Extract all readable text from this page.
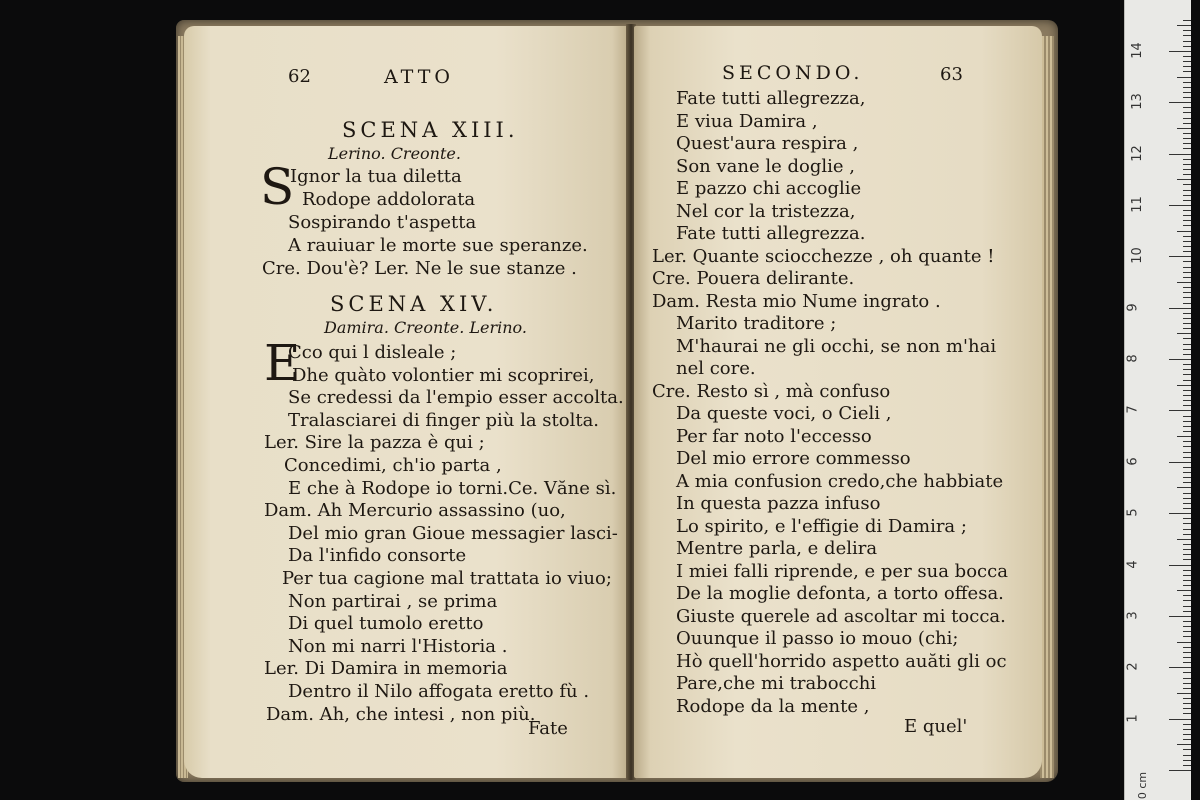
62	ATTO
SCENA XIII.
Lerino. Creonte.
S
Ignor la tua diletta
Rodope addolorata
Sospirando t'aspetta
A rauiuar le morte sue speranze.
Cre. Dou'è? Ler. Ne le sue stanze .
SCENA XIV.
Damira. Creonte. Lerino.
E
Cco qui l disleale ;
Dhe quàto volontier mi scoprirei,
Se credessi da l'empio esser accolta.
Tralasciarei di finger più la stolta.
Ler. Sire la pazza è qui ;
Concedimi, ch'io parta ,
E che à Rodope io torni.Ce. Văne sì.
Dam. Ah Mercurio assassino (uo,
Del mio gran Gioue messagier lasci-
Da l'infido consorte
Per tua cagione mal trattata io viuo;
Non partirai , se prima
Di quel tumolo eretto
Non mi narri l'Historia .
Ler. Di Damira in memoria
Dentro il Nilo affogata eretto fù .
Dam. Ah, che intesi , non più.
Fate
SECONDO.	63
Fate tutti allegrezza,
E viua Damira ,
Quest'aura respira ,
Son vane le doglie ,
E pazzo chi accoglie
Nel cor la tristezza,
Fate tutti allegrezza.
Ler. Quante sciocchezze , oh quante !
Cre. Pouera delirante.
Dam. Resta mio Nume ingrato .
Marito traditore ;
M'haurai ne gli occhi, se non m'hai
nel core.
Cre. Resto sì , mà confuso
Da queste voci, o Cieli ,
Per far noto l'eccesso
Del mio errore commesso
A mia confusion credo,che habbiate
In questa pazza infuso
Lo spirito, e l'effigie di Damira ;
Mentre parla, e delira
I miei falli riprende, e per sua bocca
De la moglie defonta, a torto offesa.
Giuste querele ad ascoltar mi tocca.
Ouunque il passo io mouo (chi;
Hò quell'horrido aspetto auăti gli oc
Pare,che mi trabocchi
Rodope da la mente ,
E quel'
14
13
12
11
10
9
8
7
6
5
4
3
2
1
0 cm
